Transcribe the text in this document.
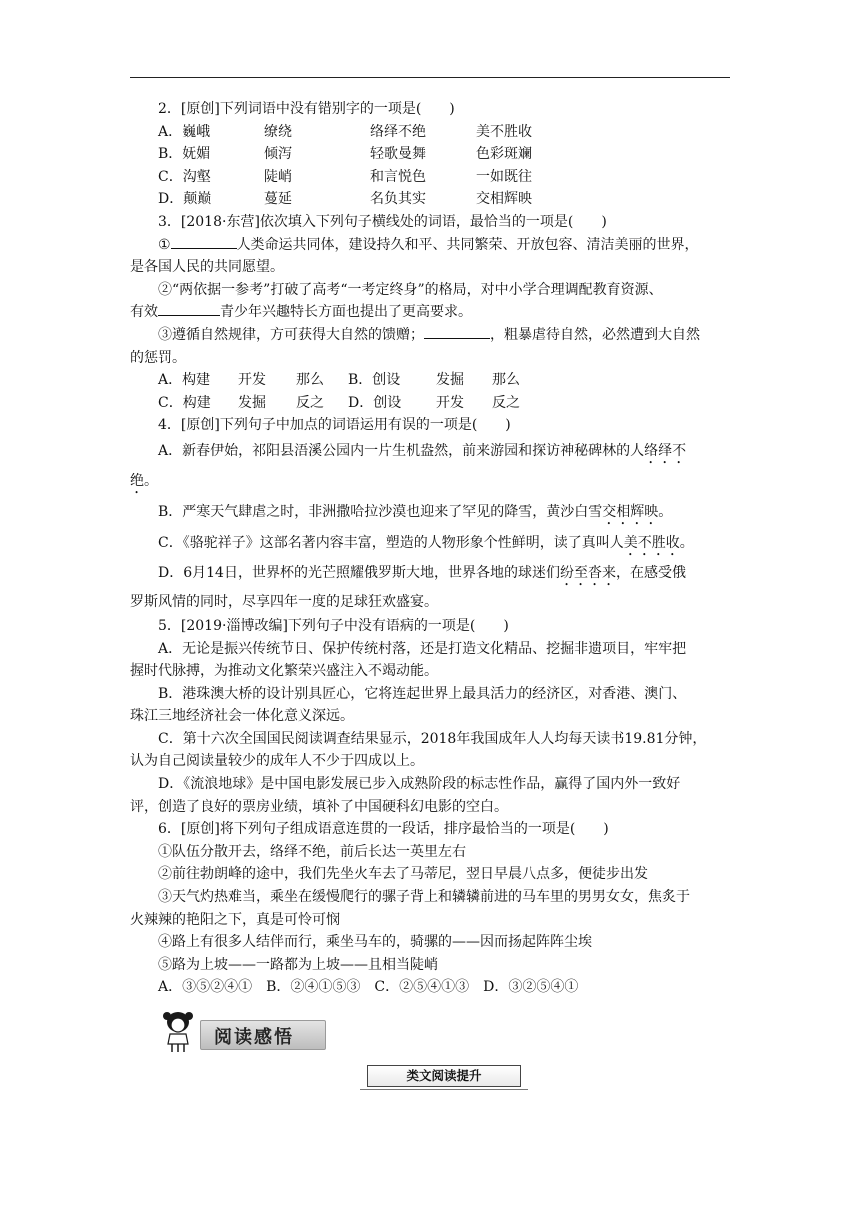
2．[原创]下列词语中没有错别字的一项是(　　)
A．巍峨	缭绕	络绎不绝	美不胜收
B．妩媚	倾泻	轻歌曼舞	色彩斑斓
C．沟壑	陡峭	和言悦色	一如既往
D．颠巅	蔓延	名负其实	交相辉映
3．[2018·东营]依次填入下列句子横线处的词语，最恰当的一项是(　　)
①	人类命运共同体，建设持久和平、共同繁荣、开放包容、清洁美丽的世界，
是各国人民的共同愿望。
②“两依据一参考”打破了高考“一考定终身”的格局，对中小学合理调配教育资源、
有效	青少年兴趣特长方面也提出了更高要求。
③遵循自然规律，方可获得大自然的馈赠；	，粗暴虐待自然，必然遭到大自然
的惩罚。
A．构建	开发	那么	B．创设	发掘	那么
C．构建	发掘	反之	D．创设	开发	反之
4．[原创]下列句子中加点的词语运用有误的一项是(　　)
A．新春伊始，祁阳县浯溪公园内一片生机盎然，前来游园和探访神秘碑林的人络绎不
绝。
B．严寒天气肆虐之时，非洲撒哈拉沙漠也迎来了罕见的降雪，黄沙白雪交相辉映。
C．《骆驼祥子》这部名著内容丰富，塑造的人物形象个性鲜明，读了真叫人美不胜收。
D．6月14日，世界杯的光芒照耀俄罗斯大地，世界各地的球迷们纷至沓来，在感受俄
罗斯风情的同时，尽享四年一度的足球狂欢盛宴。
5．[2019·淄博改编]下列句子中没有语病的一项是(　　)
A．无论是振兴传统节日、保护传统村落，还是打造文化精品、挖掘非遗项目，牢牢把
握时代脉搏，为推动文化繁荣兴盛注入不竭动能。
B．港珠澳大桥的设计别具匠心，它将连起世界上最具活力的经济区，对香港、澳门、
珠江三地经济社会一体化意义深远。
C．第十六次全国国民阅读调查结果显示，2018年我国成年人人均每天读书19.81分钟，
认为自己阅读量较少的成年人不少于四成以上。
D．《流浪地球》是中国电影发展已步入成熟阶段的标志性作品，赢得了国内外一致好
评，创造了良好的票房业绩，填补了中国硬科幻电影的空白。
6．[原创]将下列句子组成语意连贯的一段话，排序最恰当的一项是(　　)
①队伍分散开去，络绎不绝，前后长达一英里左右
②前往勃朗峰的途中，我们先坐火车去了马蒂尼，翌日早晨八点多，便徒步出发
③天气灼热难当，乘坐在缓慢爬行的骡子背上和辚辚前进的马车里的男男女女，焦炙于
火辣辣的艳阳之下，真是可怜可悯
④路上有很多人结伴而行，乘坐马车的，骑骡的——因而扬起阵阵尘埃
⑤路为上坡——一路都为上坡——且相当陡峭
A．③⑤②④①　B．②④①⑤③　C．②⑤④①③　D．③②⑤④①
阅读感悟
类文阅读提升
